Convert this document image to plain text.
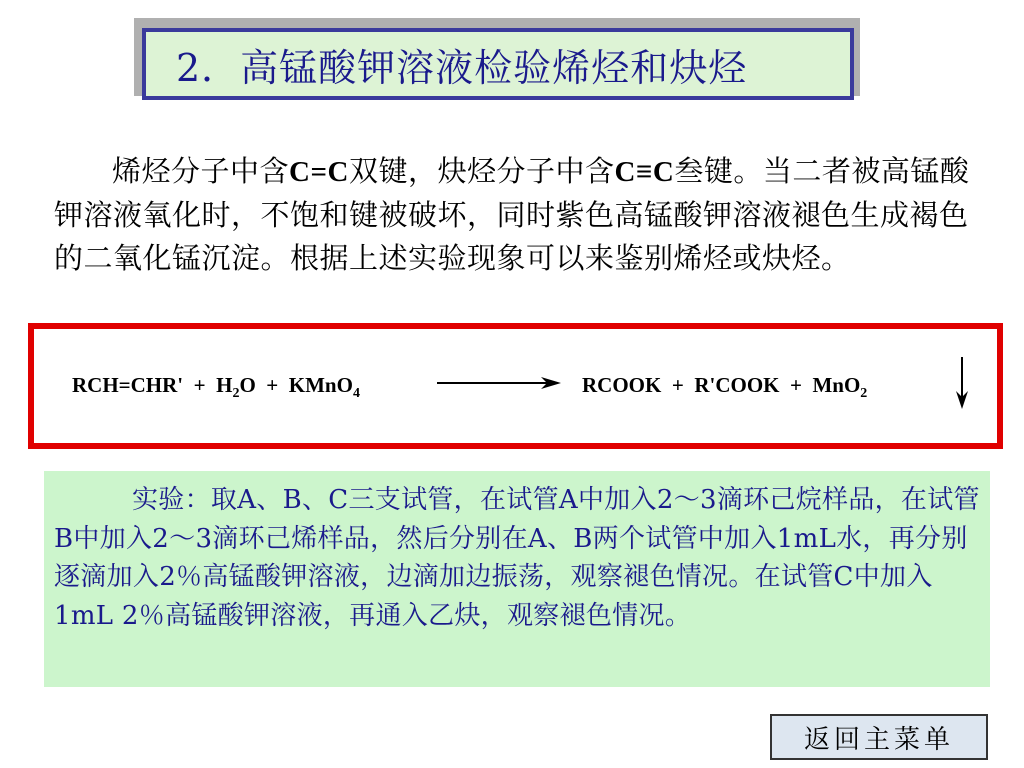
2．高锰酸钾溶液检验烯烃和炔烃
烯烃分子中含C=C双键，炔烃分子中含C≡C叁键。当二者被高锰酸钾溶液氧化时，不饱和键被破坏，同时紫色高锰酸钾溶液褪色生成褐色的二氧化锰沉淀。根据上述实验现象可以来鉴别烯烃或炔烃。
$RCH=CHR' + H_2O$ + KMnO$_4$	RCOOK + R'COOK + MnO$_2$
实验：取A、B、C三支试管，在试管A中加入2～3滴环己烷样品，在试管B中加入2～3滴环己烯样品，然后分别在A、B两个试管中加入1mL水，再分别逐滴加入2％高锰酸钾溶液，边滴加边振荡，观察褪色情况。在试管C中加入1mL 2％高锰酸钾溶液，再通入乙炔，观察褪色情况。
返回主菜单
